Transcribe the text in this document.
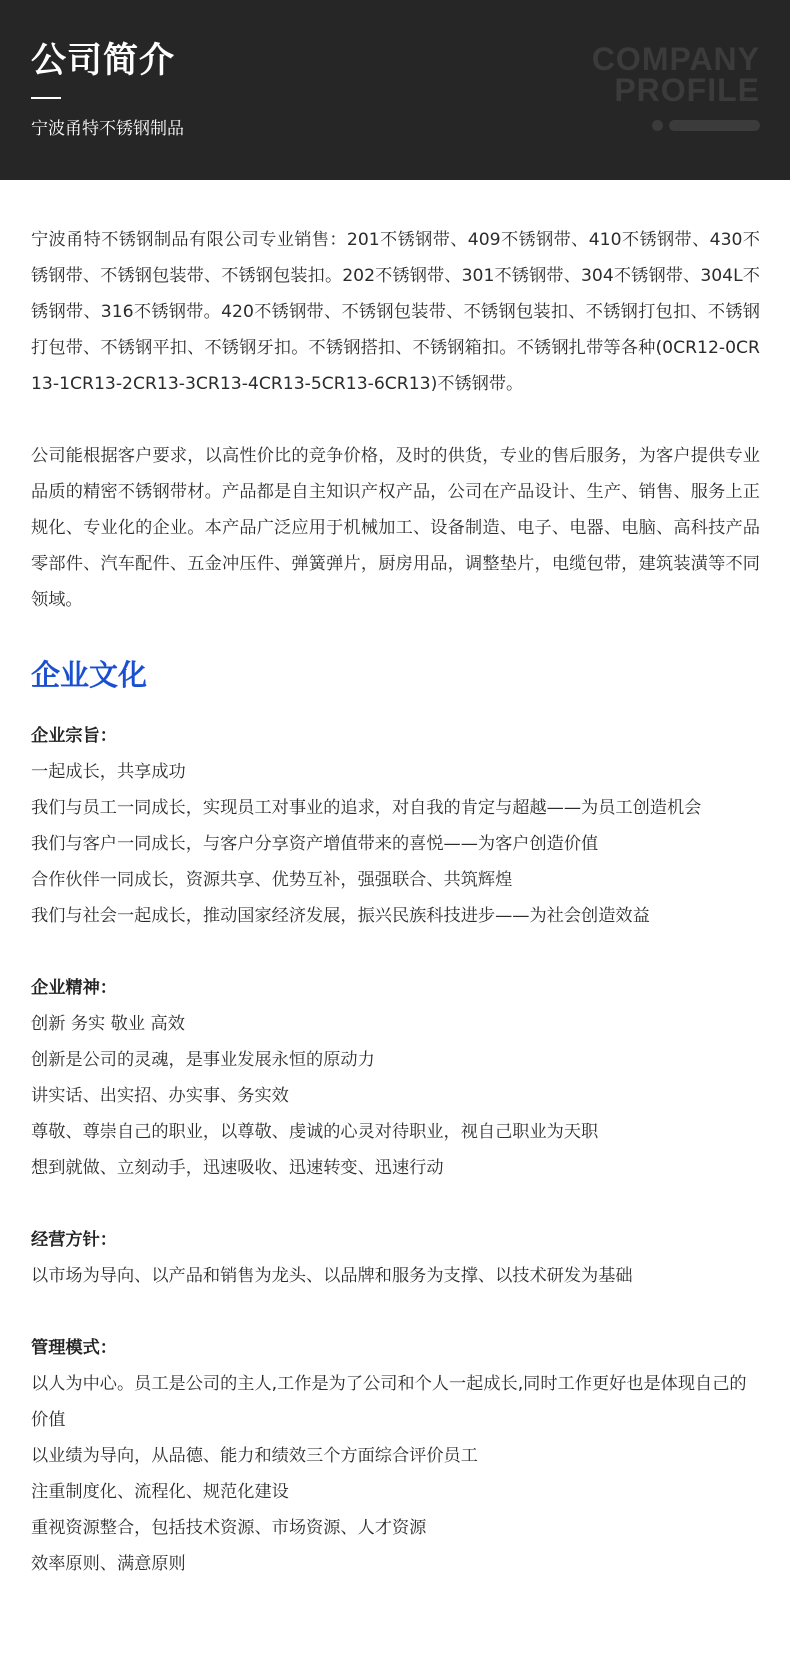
公司简介

宁波甬特不锈钢制品

COMPANY
PROFILE

宁波甬特不锈钢制品有限公司专业销售：201不锈钢带、409不锈钢带、410不锈钢带、430不锈钢带、不锈钢包装带、不锈钢包装扣。202不锈钢带、301不锈钢带、304不锈钢带、304L不锈钢带、316不锈钢带。420不锈钢带、不锈钢包装带、不锈钢包装扣、不锈钢打包扣、不锈钢打包带、不锈钢平扣、不锈钢牙扣。不锈钢搭扣、不锈钢箱扣。不锈钢扎带等各种(0CR12-0CR13-1CR13-2CR13-3CR13-4CR13-5CR13-6CR13)不锈钢带。

公司能根据客户要求，以高性价比的竞争价格，及时的供货，专业的售后服务，为客户提供专业品质的精密不锈钢带材。产品都是自主知识产权产品，公司在产品设计、生产、销售、服务上正规化、专业化的企业。本产品广泛应用于机械加工、设备制造、电子、电器、电脑、高科技产品零部件、汽车配件、五金冲压件、弹簧弹片，厨房用品，调整垫片，电缆包带，建筑装潢等不同领域。

企业文化

企业宗旨：

一起成长，共享成功
我们与员工一同成长，实现员工对事业的追求，对自我的肯定与超越——为员工创造机会
我们与客户一同成长，与客户分享资产增值带来的喜悦——为客户创造价值
合作伙伴一同成长，资源共享、优势互补，强强联合、共筑辉煌
我们与社会一起成长，推动国家经济发展，振兴民族科技进步——为社会创造效益

企业精神：

创新 务实 敬业 高效
创新是公司的灵魂，是事业发展永恒的原动力
讲实话、出实招、办实事、务实效
尊敬、尊崇自己的职业，以尊敬、虔诚的心灵对待职业，视自己职业为天职
想到就做、立刻动手，迅速吸收、迅速转变、迅速行动

经营方针：

以市场为导向、以产品和销售为龙头、以品牌和服务为支撑、以技术研发为基础

管理模式：

以人为中心。员工是公司的主人,工作是为了公司和个人一起成长,同时工作更好也是体现自己的价值
以业绩为导向，从品德、能力和绩效三个方面综合评价员工
注重制度化、流程化、规范化建设
重视资源整合，包括技术资源、市场资源、人才资源
效率原则、满意原则
